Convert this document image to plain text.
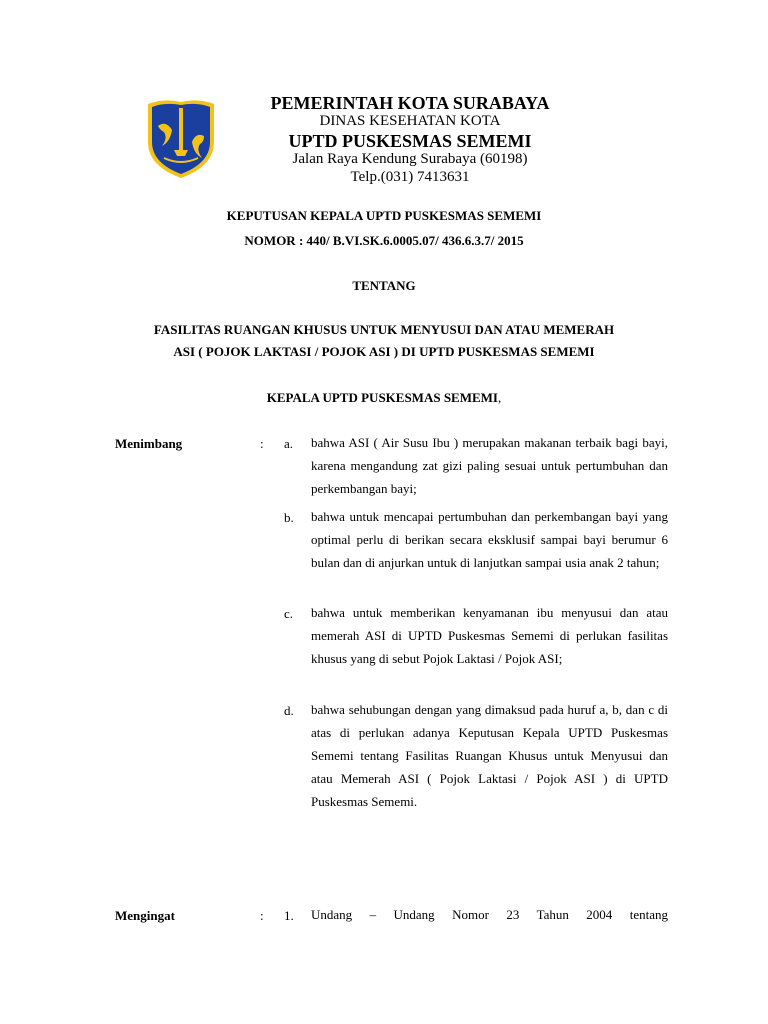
PEMERINTAH KOTA SURABAYA
DINAS KESEHATAN KOTA
UPTD PUSKESMAS SEMEMI
Jalan Raya Kendung Surabaya (60198)
Telp.(031) 7413631
KEPUTUSAN KEPALA UPTD PUSKESMAS SEMEMI
NOMOR : 440/ B.VI.SK.6.0005.07/ 436.6.3.7/ 2015
TENTANG
FASILITAS RUANGAN KHUSUS UNTUK MENYUSUI DAN ATAU MEMERAH
ASI ( POJOK LAKTASI / POJOK ASI ) DI UPTD PUSKESMAS SEMEMI
KEPALA UPTD PUSKESMAS SEMEMI,
Menimbang	: a. bahwa ASI ( Air Susu Ibu ) merupakan makanan terbaik bagi bayi, karena mengandung zat gizi paling sesuai untuk pertumbuhan dan perkembangan bayi;

b. bahwa untuk mencapai pertumbuhan dan perkembangan bayi yang optimal perlu di berikan secara eksklusif sampai bayi berumur 6 bulan dan di anjurkan untuk di lanjutkan sampai usia anak 2 tahun;

c. bahwa untuk memberikan kenyamanan ibu menyusui dan atau memerah ASI di UPTD Puskesmas Sememi di perlukan fasilitas khusus yang di sebut Pojok Laktasi / Pojok ASI;

d. bahwa sehubungan dengan yang dimaksud pada huruf a, b, dan c di atas di perlukan adanya Keputusan Kepala UPTD Puskesmas Sememi tentang Fasilitas Ruangan Khusus untuk Menyusui dan atau Memerah ASI ( Pojok Laktasi / Pojok ASI ) di UPTD Puskesmas Sememi.

Mengingat	: 1. Undang – Undang Nomor 23 Tahun 2004 tentang
